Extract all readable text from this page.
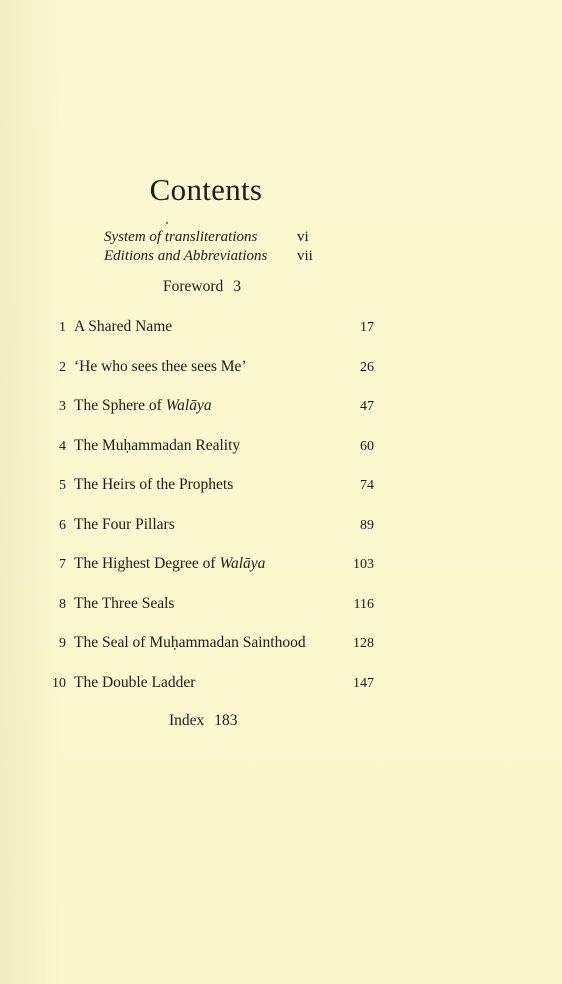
Contents
System of transliterations	vi
Editions and Abbreviations vii
Foreword 3
1 A Shared Name	17
2 ‘He who sees thee sees Me’	26
3 The Sphere of Walāya	47
4 The Muḥammadan Reality	60
5 The Heirs of the Prophets	74
6 The Four Pillars	89
7 The Highest Degree of Walāya	103
8 The Three Seals	116
9 The Seal of Muḥammadan Sainthood	128
10 The Double Ladder	147
Index 183
